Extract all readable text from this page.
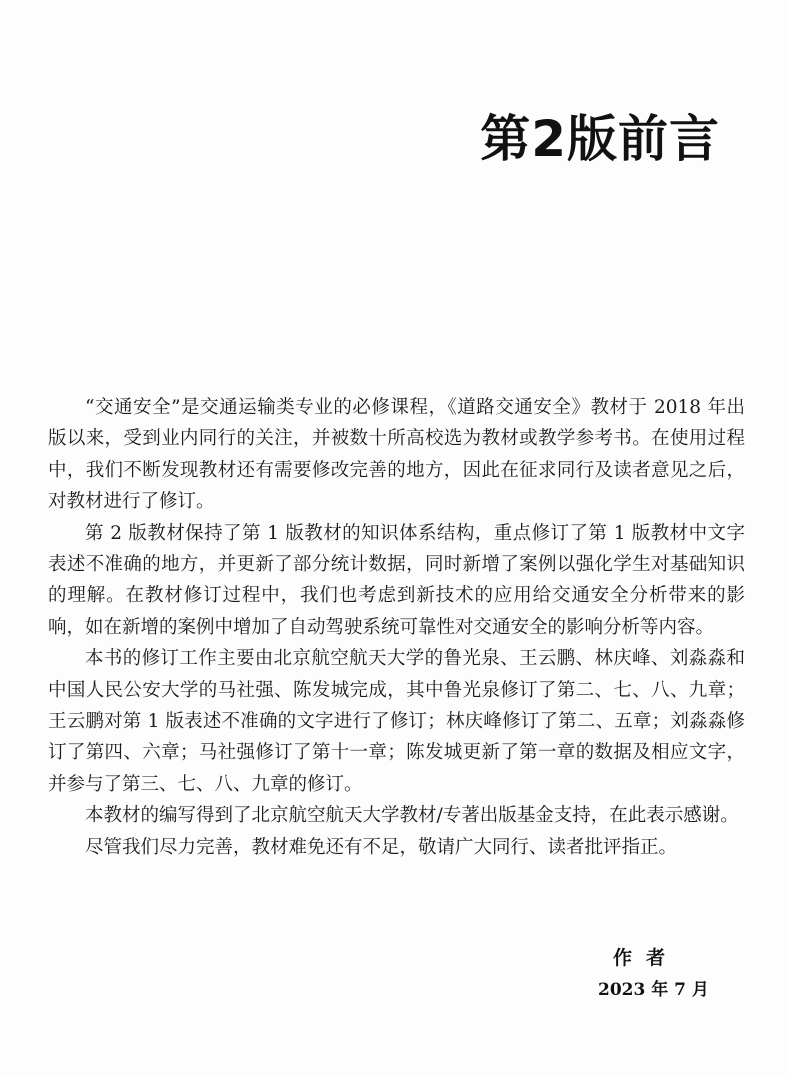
第2版前言

“交通安全”是交通运输类专业的必修课程，《道路交通安全》教材于 2018 年出版以来，受到业内同行的关注，并被数十所高校选为教材或教学参考书。在使用过程中，我们不断发现教材还有需要修改完善的地方，因此在征求同行及读者意见之后，对教材进行了修订。

第 2 版教材保持了第 1 版教材的知识体系结构，重点修订了第 1 版教材中文字表述不准确的地方，并更新了部分统计数据，同时新增了案例以强化学生对基础知识的理解。在教材修订过程中，我们也考虑到新技术的应用给交通安全分析带来的影响，如在新增的案例中增加了自动驾驶系统可靠性对交通安全的影响分析等内容。

本书的修订工作主要由北京航空航天大学的鲁光泉、王云鹏、林庆峰、刘淼淼和中国人民公安大学的马社强、陈发城完成，其中鲁光泉修订了第二、七、八、九章；王云鹏对第 1 版表述不准确的文字进行了修订；林庆峰修订了第二、五章；刘淼淼修订了第四、六章；马社强修订了第十一章；陈发城更新了第一章的数据及相应文字，并参与了第三、七、八、九章的修订。

本教材的编写得到了北京航空航天大学教材/专著出版基金支持，在此表示感谢。

尽管我们尽力完善，教材难免还有不足，敬请广大同行、读者批评指正。

作者
2023 年 7 月
